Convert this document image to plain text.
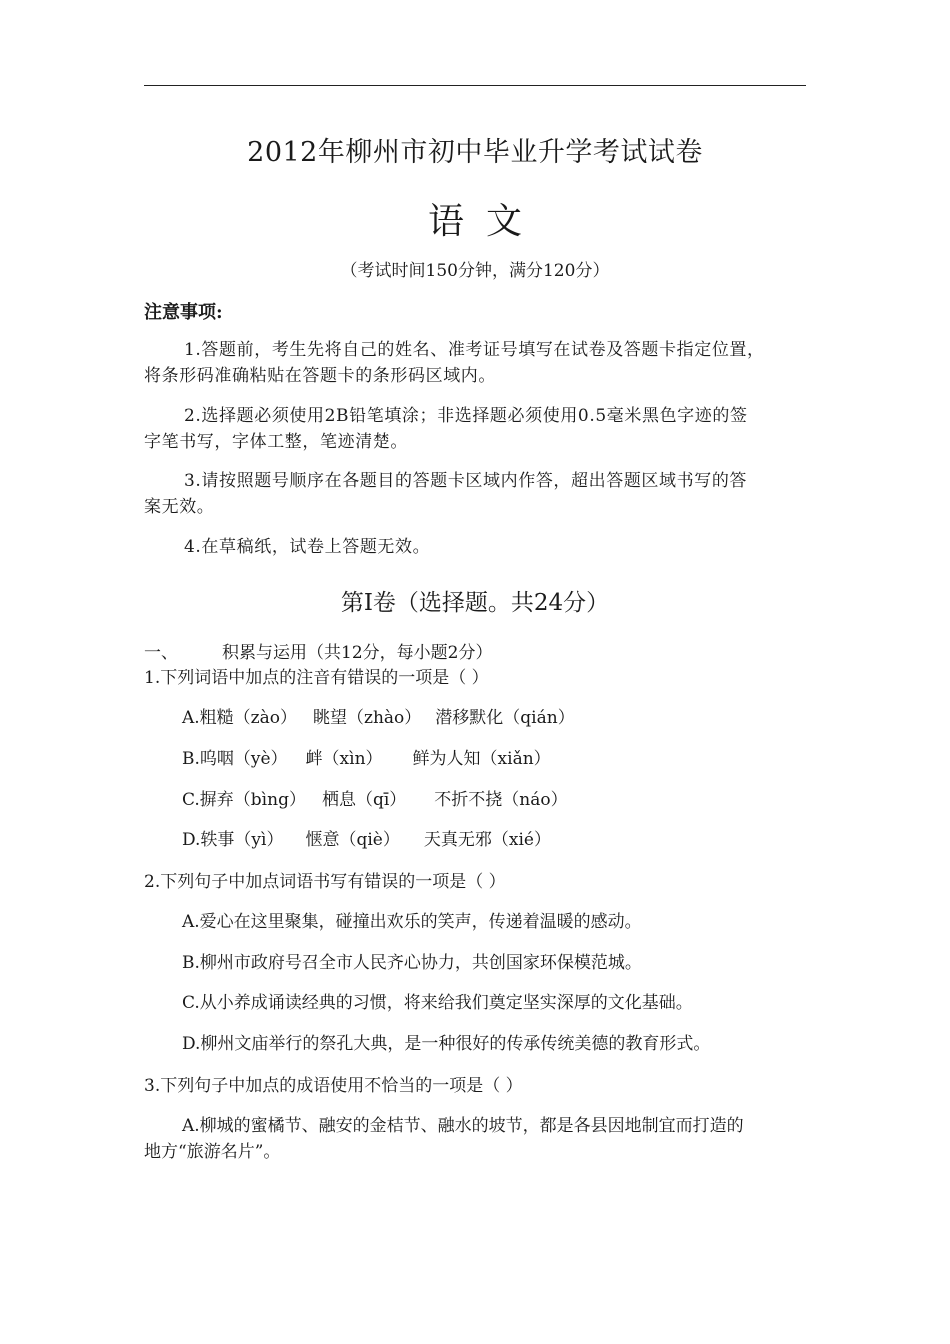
2012年柳州市初中毕业升学考试试卷
语文
（考试时间150分钟，满分120分）
注意事项:
1.答题前，考生先将自己的姓名、准考证号填写在试卷及答题卡指定位置，
将条形码准确粘贴在答题卡的条形码区域内。
2.选择题必须使用2B铅笔填涂；非选择题必须使用0.5毫米黑色字迹的签
字笔书写，字体工整，笔迹清楚。
3.请按照题号顺序在各题目的答题卡区域内作答，超出答题区域书写的答
案无效。
4.在草稿纸，试卷上答题无效。
第Ⅰ卷（选择题。共24分）
一、	积累与运用（共12分，每小题2分）
1.下列词语中加点的注音有错误的一项是（ ）
A.粗糙（zào） 眺望（zhào） 潜移默化（qián）
B.呜咽（yè） 衅（xìn） 鲜为人知（xiǎn）
C.摒弃（bìng） 栖息（qī） 不折不挠（náo）
D.轶事（yì） 惬意（qiè） 天真无邪（xié）
2.下列句子中加点词语书写有错误的一项是（ ）
A.爱心在这里聚集，碰撞出欢乐的笑声，传递着温暖的感动。
B.柳州市政府号召全市人民齐心协力，共创国家环保模范城。
C.从小养成诵读经典的习惯，将来给我们奠定坚实深厚的文化基础。
D.柳州文庙举行的祭孔大典，是一种很好的传承传统美德的教育形式。
3.下列句子中加点的成语使用不恰当的一项是（ ）
A.柳城的蜜橘节、融安的金桔节、融水的坡节，都是各县因地制宜而打造的
地方“旅游名片”。
